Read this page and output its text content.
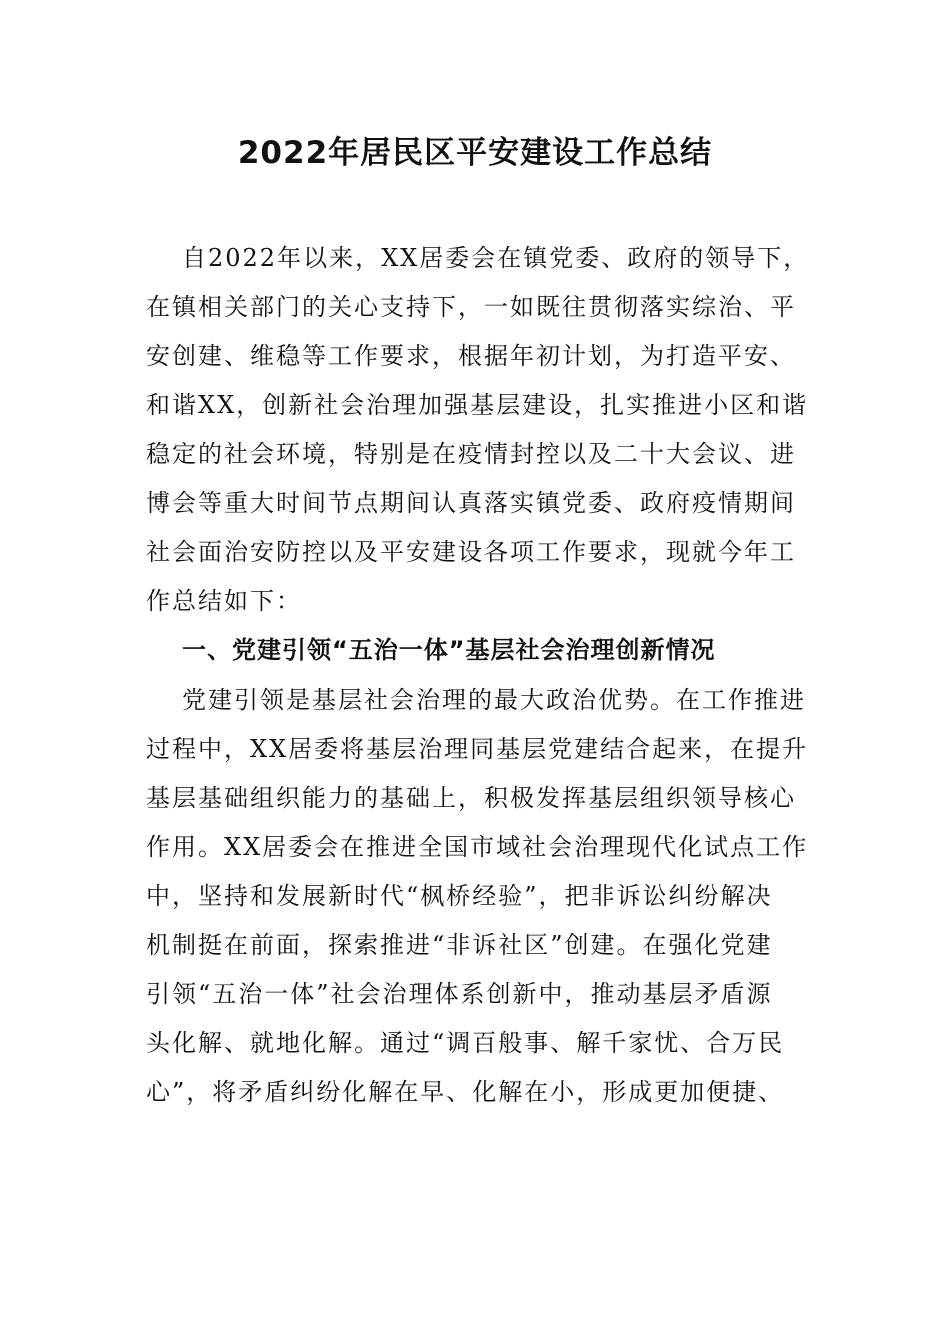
2022年居民区平安建设工作总结
自2022年以来，XX居委会在镇党委、政府的领导下，
在镇相关部门的关心支持下，一如既往贯彻落实综治、平
安创建、维稳等工作要求，根据年初计划，为打造平安、
和谐XX，创新社会治理加强基层建设，扎实推进小区和谐
稳定的社会环境，特别是在疫情封控以及二十大会议、进
博会等重大时间节点期间认真落实镇党委、政府疫情期间
社会面治安防控以及平安建设各项工作要求，现就今年工
作总结如下：
一、党建引领“五治一体”基层社会治理创新情况
党建引领是基层社会治理的最大政治优势。在工作推进
过程中，XX居委将基层治理同基层党建结合起来，在提升
基层基础组织能力的基础上，积极发挥基层组织领导核心
作用。XX居委会在推进全国市域社会治理现代化试点工作
中，坚持和发展新时代“枫桥经验”，把非诉讼纠纷解决
机制挺在前面，探索推进“非诉社区”创建。在强化党建
引领“五治一体”社会治理体系创新中，推动基层矛盾源
头化解、就地化解。通过“调百般事、解千家忧、合万民
心”，将矛盾纠纷化解在早、化解在小，形成更加便捷、
